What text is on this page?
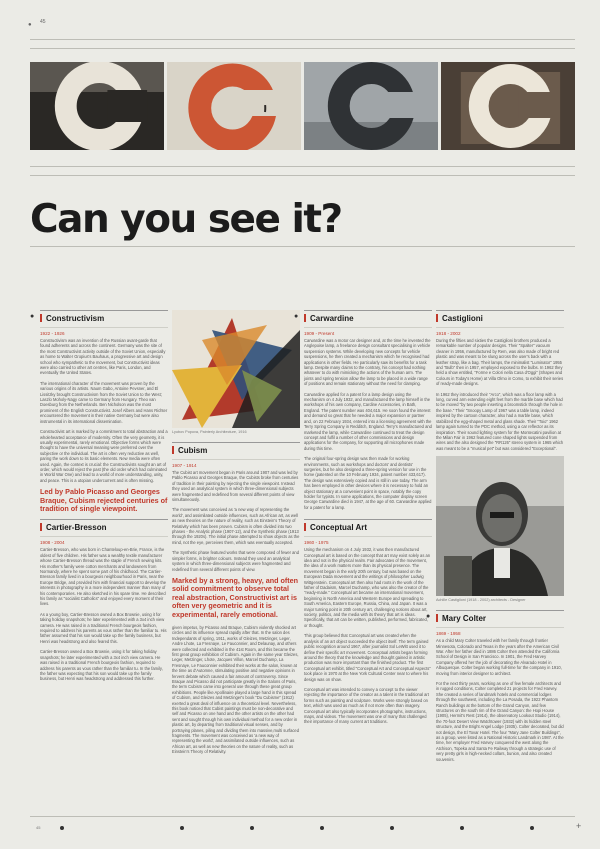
● 45
Can you see it?
● Constructivism
1922 - 1926

Constructivism was an invention of the Russian avant-garde that found adherents and across the continent. Germany was the site of the most Constructivist activity outside of the Soviet Union, especially as home to Walter Gropius's Bauhaus, a progressive art and design school who sympathetic to the movement, but Constructivist ideas were also carried to other art centres, like Paris, London, and eventually the United States.

The international character of the movement was proven by the various origins of its artists. Naum Gabo, Antoine Pevsner, and El Lissitzky brought Constructivism from the Soviet Union to the West; Laszlo Moholy-Nagy came to Germany from Hungary. Theo van Doesburg from the Netherlands. Ben Nicholson was the most prominent of the English Constructivist. Josef Albers and Hans Richter encountered the movement in their native Germany but were also instrumental in its international dissemination.

Constructivist art is marked by a commitment to total abstraction and a wholehearted acceptance of modernity. Often the very geometry, it is usually experimental, rarely emotional. Objective forms which were thought to have the universal meaning were preferred over the subjective or the individual. The art is often very reductive as well, paring the work down to its basic elements. New media were often used. Again, the context is crucial: the Constructivists sought an art of order, which would reject the past (the old order which had culminated in World War One) and lead to a world of more understanding, unity, and peace. This is a utopian undercurrent and is often missing.

Led by Pablo Picasso and Georges Braque, Cubism rejected centuries of tradition of single viewpoint.
Cartier-Bresson
1908 - 2004

Cartier-Bresson, who was born in Chanteloup-en-Brie, France, is the oldest of five children. His father was a wealthy textile manufacturer whose Cartier-Bresson thread was the staple of French sewing kits. His mother's family were cotton merchants and landowners from Normandy, where he spent some part of his childhood. The Cartier-Bresson family lived in a bourgeois neighbourhood in Paris, near the Europe Bridge, and provided him with financial support to develop the interests in photography in a more independent manner than many of his contemporaries. He also sketched in his spare time. He described his family as "socialist Catholics" and enjoyed every moment of their lives.

As a young boy, Cartier-Bresson owned a Box Brownie, using it for taking holiday snapshots; he later experimented with a 3x4 inch view camera. He was raised in a traditional French bourgeois fashion, required to address his parents as vous rather than the familiar tu. His father assumed that his son would take up the family business, but Henri was headstrong and also feared this.

Cartier-Bresson owned a Box Brownie, using it for taking holiday snapshots; he later experimented with a 3x4 inch view camera. He was raised in a traditional French bourgeois fashion, required to address his parents as vous rather than the familiar tu. In the family, the father was expecting that his son would take up the family business, but Henri was headstrong and addressed this further.

Lyubov Popova, Painterly Architecture, 1916
Cubism
1907 - 1914

The Cubist art movement began in Paris around 1907 and was led by Pablo Picasso and Georges Braque, the Cubists broke from centuries of tradition in their painting by rejecting the single viewpoint. Instead they used an analytical system in which three-dimensional subjects were fragmented and redefined from several different points of view simultaneously.

The movement was conceived as 'a new way of representing the world', and assimilated outside influences, such as African art, as well as new theories on the nature of reality, such as Einstein's Theory of Relativity which has been proven. Cubism is often divided into two phases - the Analytic phase (1907-12), and the Synthetic phase (1913 through the 1920s). The initial phase attempted to show objects as the mind, not the eye, perceives them, which was eventually accepted.

The Synthetic phase featured works that were composed of fewer and simpler forms, in brighter colours. Instead they used an analytical system in which three-dimensional subjects were fragmented and redefined from several different points of view.

Marked by a strong, heavy, and often solid commitment to observe total real abstraction, Constructivist art is often very geometric and it is experimental, rarely emotional.

given impetus, by Picasso and Braque, Cubism violently shocked art circles and its influence spread rapidly after that. In the salon des Independants of spring, 1911, works of Gleizes, Metzinger, Leger, Andre Lhote, La Fresnaye, Le Fauconnier, and Delaunay, and others were collected and exhibited in the 41st Room, and this became the first great group exhibition of Cubism. Again in the same year Gleizes, Leger, Metzinger, Lhote, Jacques Villon, Marcel Duchamp, La Fresnaye, Le Fauconnier exhibited their works at the salon, known at the time as d'Automne, stimulating positive and negative opinions in fervent debate which caused a fair amount of controversy. Since Braque and Picasso did not participate greatly in the Salons of Paris, the term Cubism came into general use through these great group exhibitions. People like Apollinaire played a large hand in this spread of Cubism, and Gleizes and Metzinger's book "Du Cubisme" (1912) exerted a great deal of influence on a theoretical level. Nevertheless, this book noticed that Cubist paintings must be non-decorative and self and Picasso on one hand and the other artists on the other had sent and sought through his own individual method for a new order in plastic art, by departing from traditional visual senses, and by portraying planes, piling and dividing them into massive,multi surfaced fragments. The movement was conceived as 'a new way of representing the world', and assimilated outside influences, such as African art, as well as new theories on the nature of reality, such as Einstein's Theory of Relativity.

● Carwardine
1909 - Present

Carwardine was a motor car designer and, at the time he invented the Anglepoise lamp, a freelance design consultant specialising in vehicle suspension systems. While developing new concepts for vehicle suspensions, he then created a mechanism which he recognised had applications in other fields. He particularly saw its benefits for a task lamp. Despite many claims to the contrary, his concept had nothing whatever to do with mimicking the actions of the human arm. The joints and spring tension allow the lamp to be placed in a wide range of positions and remain stationary without the need for clamping.

Carwardine applied for a patent for a lamp design using the mechanism on 4 July 1932, and manufactured the lamp himself in the workshops of his own company, Cardine Accessories, in Bath, England. The patent number was 404,615. He soon found the interest and demand so great that he needed a major expansion or partner and, on 22 February 1934, entered into a licensing agreement with the Terry Spring Company in Redditch, England. Terry's manufactured and marketed the lamp, while Carwardine continued to treat the design concept and fulfil a number of other commissions and design applications for the company, for supporting all microphones made during this time.

The original four-spring design was then made for working environments, such as workshops and doctors' and dentists' surgeries, but he also designed a three-spring version for use in the home (patented on the 10 February 1934, patent number 433,617). The design was extensively copied and is still in use today. The arm has been employed in other devices where it is necessary to hold an object stationary at a convenient point in space, notably the copy holder for typists. In some applications, the computer display screen George Carwardine died in 1947, at the age of 60. Carwardine applied for a patent for a lamp.

Conceptual Art
1960 - 1975

Using the mechanism on 4 July 1932, it was then manufactured Conceptual art is based on the concept that art may exist solely as an idea and not in the physical realm. Fair advocates of the movement, the idea of a work matters more than its physical presence. The movement began in the early 20th century, but was based on the European Dada movement and the writings of philosopher Ludwig Wittgenstein. Conceptual art then also had roots in the work of the father of Dadaism, Marcel Duchamp, who was also the creator of the "ready-made." Conceptual art became an international movement, beginning in North America and Western Europe and spreading to South America, Eastern Europe, Russia, China, and Japan. It was a major turning point in 20th century art, challenging notions about art, society, politics, and the media with its theory that art is ideas. Specifically, that art can be written, published, performed, fabricated, or thought.

This group believed that Conceptual art was created when the analysis of an art object succeeded the object itself. The term gained public recognition around 1967, after journalist Sol LeWitt used it to define their specific art movement. Conceptual artists began forming around the theory that the knowledge and thought gained in artistic production was more important than the finished product. The first Conceptual art exhibit, titled "Conceptual Art and Conceptual Aspects" took place in 1970 at the New York Cultural Center near to where his design was on show.

Conceptual art was intended to convey a concept to the viewer rejecting the importance of the creator as a talent in the traditional art forms such as painting and sculpture. Works were strongly based on text, which was used as much as if not more often than imagery. Conceptual art also typically incorporates photographs, instructions, maps, and videos. The movement was one of many that challenged their importance of many current art traditions.

Castiglioni
1918 - 2002

During the fifties and sixties the Castiglioni brothers produced a remarkable number of popular designs. Their "Spalter" vacuum cleaner in 1956, manufactured by Rem, was also made of bright red plastic and was meant to be slung across the user's back with a leather strap, like a bag. Their lamps, the minimalist "Luminator" 1955 and "Bulb" then in 1957, employed exposed to the bulbs. In 1962 they held a show entitled, "Forme e Colori nella Casa d'Oggi" (Shapes and Colours in Today's Home) at Villa Olmo in Como, to exhibit their series of ready-made designs.

In 1962 they introduced their "Arco", which was a floor lamp with a long, curved arm extending eight feet from the marble base which had to be moved "by two people inserting a broomstick through the hole in the base." Their "Snoopy Lamp of 1967 was a table lamp, indeed inspired by the cartoon character, also had a marble base, which stabilized the egg-shaped metal and glass shade. Their "Toio" 1962 lamp again turned to the PDC method, using a car reflector as its inspiration. Their sound lighting system for the Montecatini pavilion at the Milan Fair in 1962 featured cone shaped lights suspended from wires and the also designed the "RR126" stereo system in 1965 which was meant to be a "musical pet" but was considered "Exceptional".

Achille Castiglioni (1918 - 2002) architects - Designer
● Mary Colter
1869 - 1958

As a child Mary Colter traveled with her family through frontier Minnesota, Colorado and Texas in the years after the American Civil War. After her father died in 1886 Colter then attended the California School of Design in San Francisco. In 1901, the Fred Harvey Company offered her the job of decorating the Alvarado Hotel in Albuquerque. Colter began working full-time for the company in 1910, moving from interior designer to architect.

For the next thirty years, working as one of few female architects and in rugged conditions, Colter completed 21 projects for Fred Harvey. She created a series of landmark hotels and commercial lodges through the southwest, including the La Posada, the 1922 Phantom Ranch buildings at the bottom of the Grand Canyon, and few structures on the south rim of the Grand Canyon: the Hopi House (1905), Hermit's Rest (1914), the observatory Lookout Studio (1914), the 70-foot Desert View Watchtower (1932) with its hidden steel structure, and the Bright Angel Lodge (1935). Colter decorated, but did not design, the El Tovar Hotel. The four "Mary Jane Colter Buildings", as a group, were listed as a National Historic Landmark in 1987. At the time, her employer Fred Harvey conquered the west along the Atchison, Topeka and Santa Fe Railway through a strategic use of very pretty girls in high-necked collars, bunion, and also created souvenirs.

45	+
